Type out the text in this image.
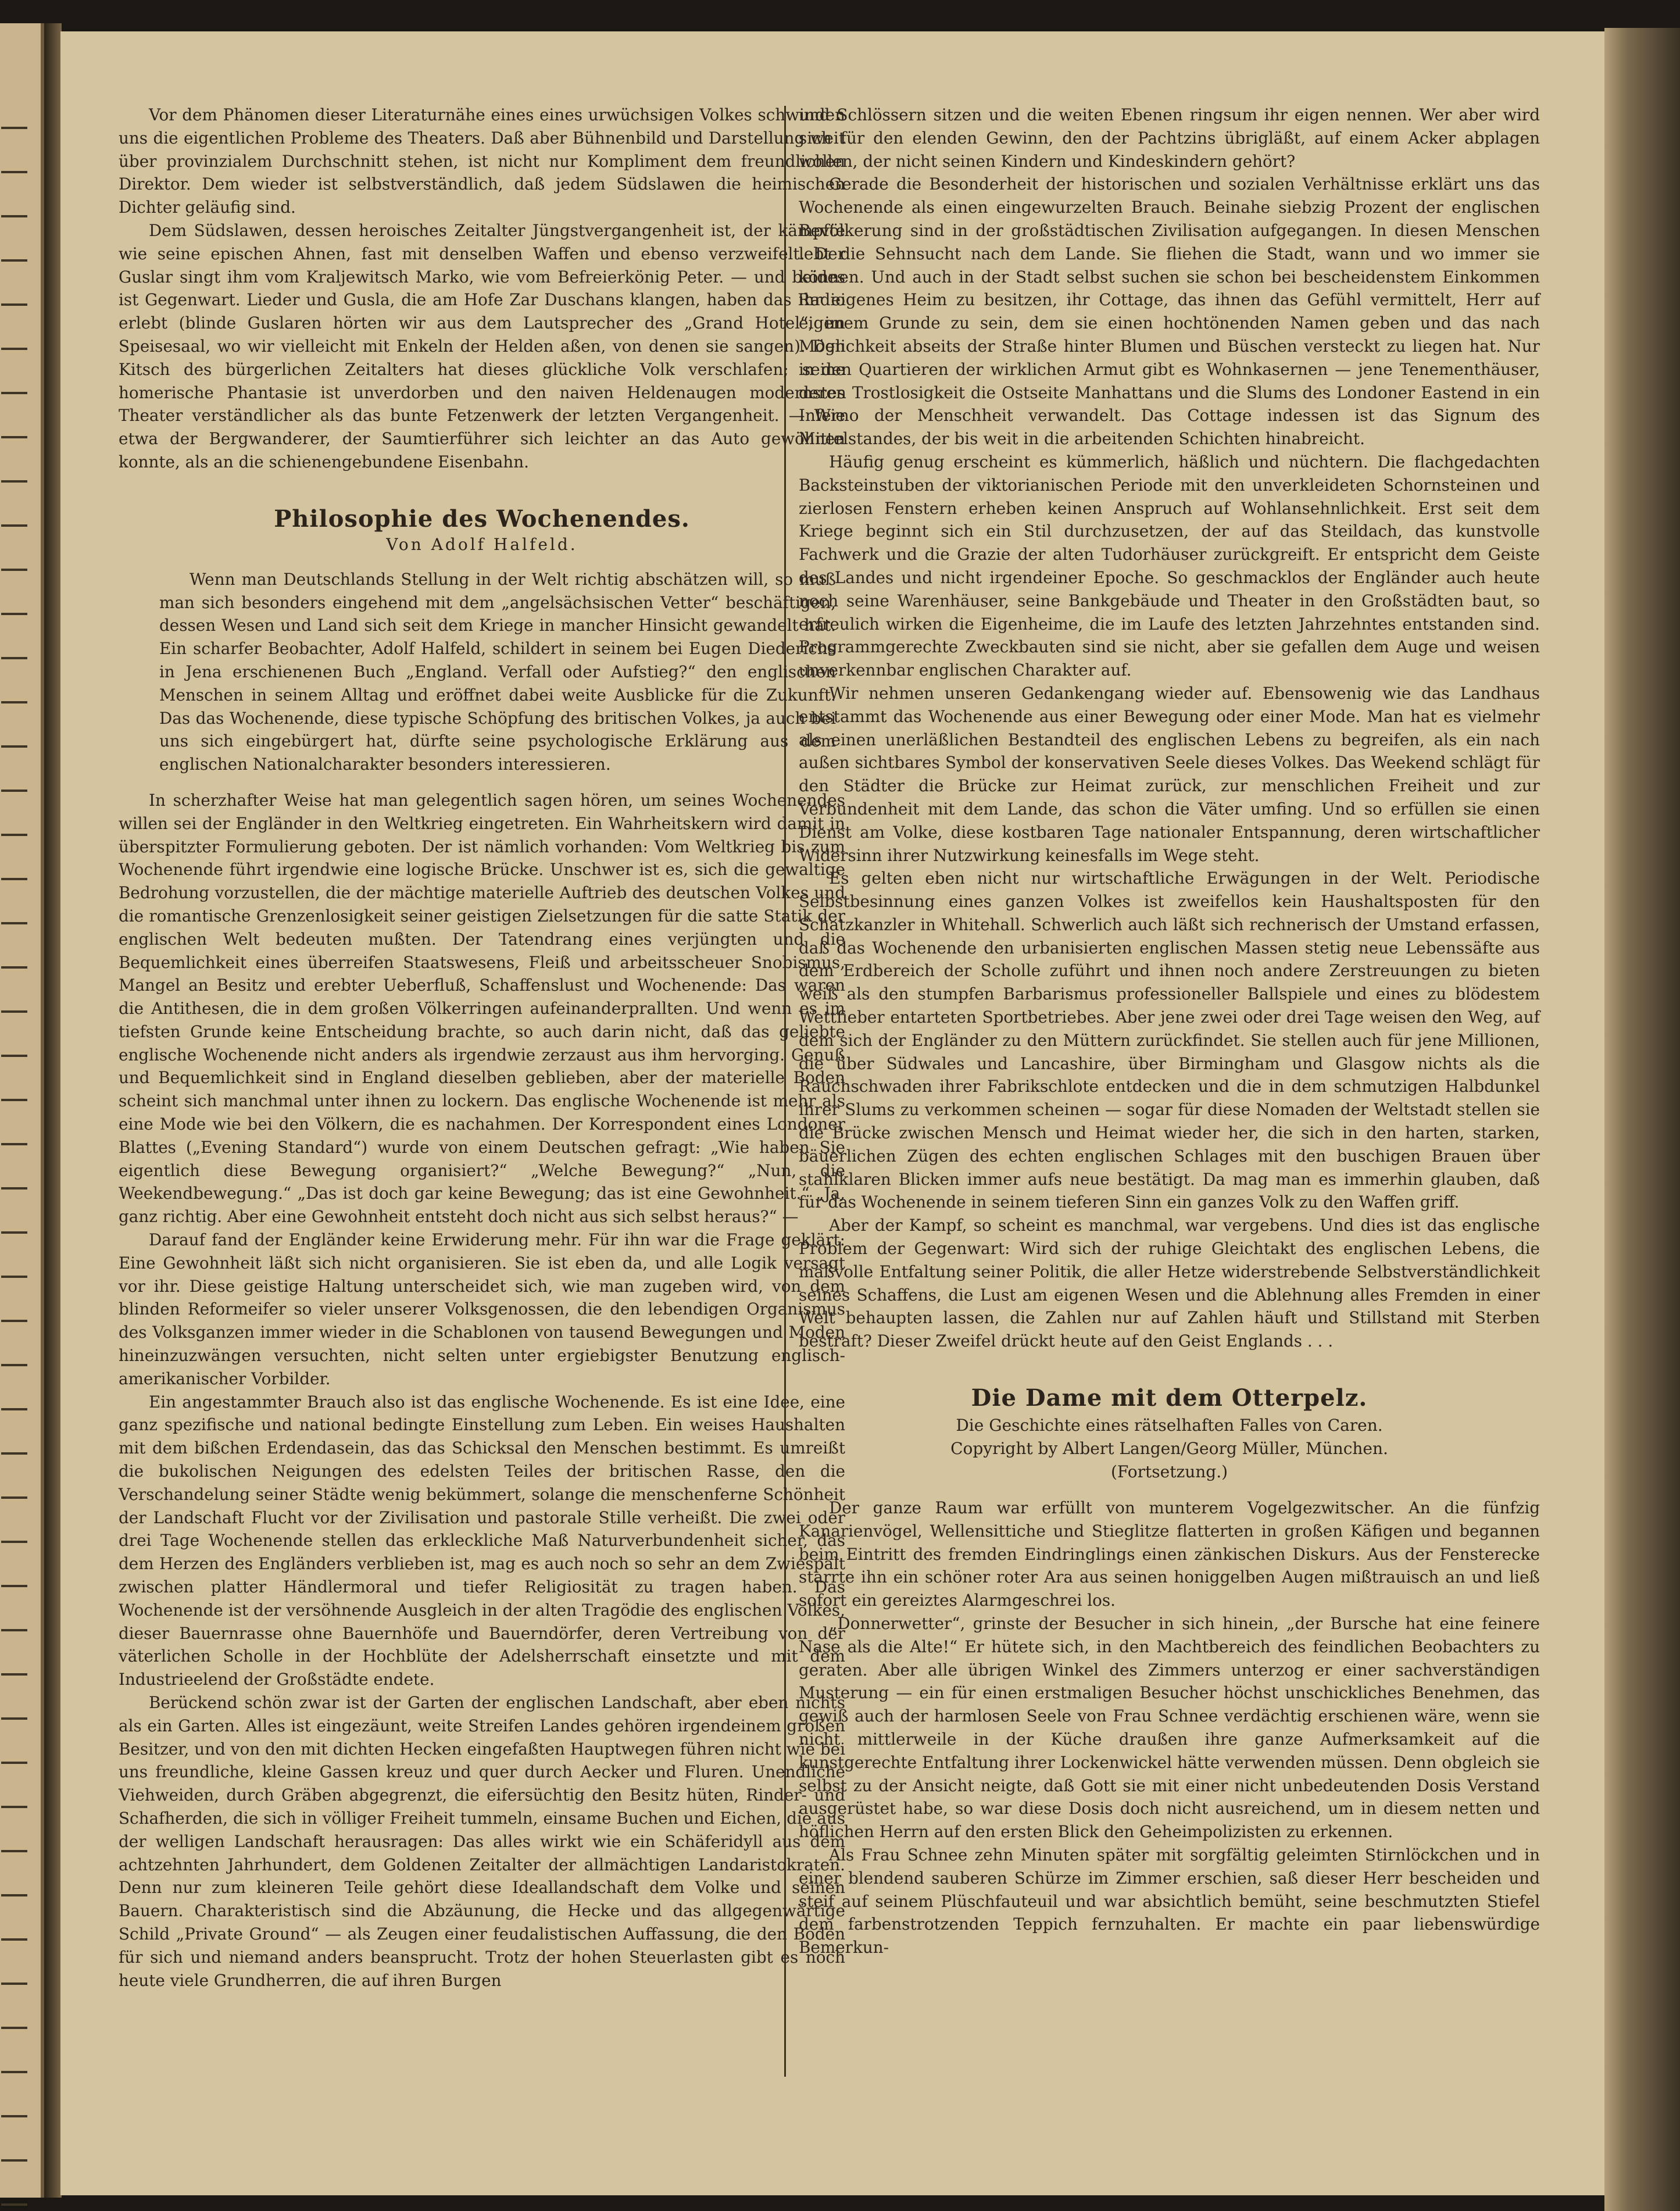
Vor dem Phänomen dieser Literaturnähe eines eines urwüchsigen Volkes schwinden uns die eigentlichen Probleme des Theaters. Daß aber Bühnenbild und Darstellung weit über provinzialem Durchschnitt stehen, ist nicht nur Kompliment dem freundlichen Direktor. Dem wieder ist selbstverständlich, daß jedem Südslawen die heimischen Dichter geläufig sind.

Dem Südslawen, dessen heroisches Zeitalter Jüngstvergangenheit ist, der kämpfte wie seine epischen Ahnen, fast mit denselben Waffen und ebenso verzweifelt. Der Guslar singt ihm vom Kraljewitsch Marko, wie vom Befreierkönig Peter. — und beides ist Gegenwart. Lieder und Gusla, die am Hofe Zar Duschans klangen, haben das Radio erlebt (blinde Guslaren hörten wir aus dem Lautsprecher des „Grand Hotel“, im Speisesaal, wo wir vielleicht mit Enkeln der Helden aßen, von denen sie sangen). Den Kitsch des bürgerlichen Zeitalters hat dieses glückliche Volk verschlafen; seine homerische Phantasie ist unverdorben und den naiven Heldenaugen modernstes Theater verständlicher als das bunte Fetzenwerk der letzten Vergangenheit. — Wie etwa der Bergwanderer, der Saumtierführer sich leichter an das Auto gewöhnen konnte, als an die schienengebundene Eisenbahn.

Philosophie des Wochenendes.
Von Adolf Halfeld.

Wenn man Deutschlands Stellung in der Welt richtig abschätzen will, so muß man sich besonders eingehend mit dem „angelsächsischen Vetter“ beschäftigen, dessen Wesen und Land sich seit dem Kriege in mancher Hinsicht gewandelt hat. Ein scharfer Beobachter, Adolf Halfeld, schildert in seinem bei Eugen Diederichs in Jena erschienenen Buch „England. Verfall oder Aufstieg?“ den englischen Menschen in seinem Alltag und eröffnet dabei weite Ausblicke für die Zukunft. Das das Wochenende, diese typische Schöpfung des britischen Volkes, ja auch bei uns sich eingebürgert hat, dürfte seine psychologische Erklärung aus dem englischen Nationalcharakter besonders interessieren.

In scherzhafter Weise hat man gelegentlich sagen hören, um seines Wochenendes willen sei der Engländer in den Weltkrieg eingetreten. Ein Wahrheitskern wird damit in überspitzter Formulierung geboten. Der ist nämlich vorhanden: Vom Weltkrieg bis zum Wochenende führt irgendwie eine logische Brücke. Unschwer ist es, sich die gewaltige Bedrohung vorzustellen, die der mächtige materielle Auftrieb des deutschen Volkes und die romantische Grenzenlosigkeit seiner geistigen Zielsetzungen für die satte Statik der englischen Welt bedeuten mußten. Der Tatendrang eines verjüngten und die Bequemlichkeit eines überreifen Staatswesens, Fleiß und arbeitsscheuer Snobismus, Mangel an Besitz und erebter Ueberfluß, Schaffenslust und Wochenende: Das waren die Antithesen, die in dem großen Völkerringen aufeinanderprallten. Und wenn es im tiefsten Grunde keine Entscheidung brachte, so auch darin nicht, daß das geliebte englische Wochenende nicht anders als irgendwie zerzaust aus ihm hervorging. Genuß und Bequemlichkeit sind in England dieselben geblieben, aber der materielle Boden scheint sich manchmal unter ihnen zu lockern. Das englische Wochenende ist mehr als eine Mode wie bei den Völkern, die es nachahmen. Der Korrespondent eines Londoner Blattes („Evening Standard“) wurde von einem Deutschen gefragt: „Wie haben Sie eigentlich diese Bewegung organisiert?“ „Welche Bewegung?“ „Nun, die Weekendbewegung.“ „Das ist doch gar keine Bewegung; das ist eine Gewohnheit.“ „Ja, ganz richtig. Aber eine Gewohnheit entsteht doch nicht aus sich selbst heraus?“ —

Darauf fand der Engländer keine Erwiderung mehr. Für ihn war die Frage geklärt: Eine Gewohnheit läßt sich nicht organisieren. Sie ist eben da, und alle Logik versagt vor ihr. Diese geistige Haltung unterscheidet sich, wie man zugeben wird, von dem blinden Reformeifer so vieler unserer Volksgenossen, die den lebendigen Organismus des Volksganzen immer wieder in die Schablonen von tausend Bewegungen und Moden hineinzuzwängen versuchten, nicht selten unter ergiebigster Benutzung englisch-amerikanischer Vorbilder.

Ein angestammter Brauch also ist das englische Wochenende. Es ist eine Idee, eine ganz spezifische und national bedingte Einstellung zum Leben. Ein weises Haushalten mit dem bißchen Erdendasein, das das Schicksal den Menschen bestimmt. Es umreißt die bukolischen Neigungen des edelsten Teiles der britischen Rasse, den die Verschandelung seiner Städte wenig bekümmert, solange die menschenferne Schönheit der Landschaft Flucht vor der Zivilisation und pastorale Stille verheißt. Die zwei oder drei Tage Wochenende stellen das erkleckliche Maß Naturverbundenheit sicher, das dem Herzen des Engländers verblieben ist, mag es auch noch so sehr an dem Zwiespalt zwischen platter Händlermoral und tiefer Religiosität zu tragen haben. Das Wochenende ist der versöhnende Ausgleich in der alten Tragödie des englischen Volkes, dieser Bauernrasse ohne Bauernhöfe und Bauerndörfer, deren Vertreibung von der väterlichen Scholle in der Hochblüte der Adelsherrschaft einsetzte und mit dem Industrieelend der Großstädte endete.

Berückend schön zwar ist der Garten der englischen Landschaft, aber eben nichts als ein Garten. Alles ist eingezäunt, weite Streifen Landes gehören irgendeinem großen Besitzer, und von den mit dichten Hecken eingefaßten Hauptwegen führen nicht wie bei uns freundliche, kleine Gassen kreuz und quer durch Aecker und Fluren. Unendliche Viehweiden, durch Gräben abgegrenzt, die eifersüchtig den Besitz hüten, Rinder- und Schafherden, die sich in völliger Freiheit tummeln, einsame Buchen und Eichen, die aus der welligen Landschaft herausragen: Das alles wirkt wie ein Schäferidyll aus dem achtzehnten Jahrhundert, dem Goldenen Zeitalter der allmächtigen Landaristokraten. Denn nur zum kleineren Teile gehört diese Ideallandschaft dem Volke und seinen Bauern. Charakteristisch sind die Abzäunung, die Hecke und das allgegenwärtige Schild „Private Ground“ — als Zeugen einer feudalistischen Auffassung, die den Boden für sich und niemand anders beansprucht. Trotz der hohen Steuerlasten gibt es noch heute viele Grundherren, die auf ihren Burgen

und Schlössern sitzen und die weiten Ebenen ringsum ihr eigen nennen. Wer aber wird sich für den elenden Gewinn, den der Pachtzins übrigläßt, auf einem Acker abplagen wollen, der nicht seinen Kindern und Kindeskindern gehört?

Gerade die Besonderheit der historischen und sozialen Verhältnisse erklärt uns das Wochenende als einen eingewurzelten Brauch. Beinahe siebzig Prozent der englischen Bevölkerung sind in der großstädtischen Zivilisation aufgegangen. In diesen Menschen lebt die Sehnsucht nach dem Lande. Sie fliehen die Stadt, wann und wo immer sie können. Und auch in der Stadt selbst suchen sie schon bei bescheidenstem Einkommen ihr eigenes Heim zu besitzen, ihr Cottage, das ihnen das Gefühl vermittelt, Herr auf eigenem Grunde zu sein, dem sie einen hochtönenden Namen geben und das nach Möglichkeit abseits der Straße hinter Blumen und Büschen versteckt zu liegen hat. Nur in den Quartieren der wirklichen Armut gibt es Wohnkasernen — jene Tenementhäuser, deren Trostlosigkeit die Ostseite Manhattans und die Slums des Londoner Eastend in ein Inferno der Menschheit verwandelt. Das Cottage indessen ist das Signum des Mittelstandes, der bis weit in die arbeitenden Schichten hinabreicht.

Häufig genug erscheint es kümmerlich, häßlich und nüchtern. Die flachgedachten Backsteinstuben der viktorianischen Periode mit den unverkleideten Schornsteinen und zierlosen Fenstern erheben keinen Anspruch auf Wohlansehnlichkeit. Erst seit dem Kriege beginnt sich ein Stil durchzusetzen, der auf das Steildach, das kunstvolle Fachwerk und die Grazie der alten Tudorhäuser zurückgreift. Er entspricht dem Geiste des Landes und nicht irgendeiner Epoche. So geschmacklos der Engländer auch heute noch seine Warenhäuser, seine Bankgebäude und Theater in den Großstädten baut, so erfreulich wirken die Eigenheime, die im Laufe des letzten Jahrzehntes entstanden sind. Programmgerechte Zweckbauten sind sie nicht, aber sie gefallen dem Auge und weisen unverkennbar englischen Charakter auf.

Wir nehmen unseren Gedankengang wieder auf. Ebensowenig wie das Landhaus entstammt das Wochenende aus einer Bewegung oder einer Mode. Man hat es vielmehr als einen unerläßlichen Bestandteil des englischen Lebens zu begreifen, als ein nach außen sichtbares Symbol der konservativen Seele dieses Volkes. Das Weekend schlägt für den Städter die Brücke zur Heimat zurück, zur menschlichen Freiheit und zur Verbundenheit mit dem Lande, das schon die Väter umfing. Und so erfüllen sie einen Dienst am Volke, diese kostbaren Tage nationaler Entspannung, deren wirtschaftlicher Widersinn ihrer Nutzwirkung keinesfalls im Wege steht.

Es gelten eben nicht nur wirtschaftliche Erwägungen in der Welt. Periodische Selbstbesinnung eines ganzen Volkes ist zweifellos kein Haushaltsposten für den Schatzkanzler in Whitehall. Schwerlich auch läßt sich rechnerisch der Umstand erfassen, daß das Wochenende den urbanisierten englischen Massen stetig neue Lebenssäfte aus dem Erdbereich der Scholle zuführt und ihnen noch andere Zerstreuungen zu bieten weiß als den stumpfen Barbarismus professioneller Ballspiele und eines zu blödestem Wettfieber entarteten Sportbetriebes. Aber jene zwei oder drei Tage weisen den Weg, auf dem sich der Engländer zu den Müttern zurückfindet. Sie stellen auch für jene Millionen, die über Südwales und Lancashire, über Birmingham und Glasgow nichts als die Rauchschwaden ihrer Fabrikschlote entdecken und die in dem schmutzigen Halbdunkel ihrer Slums zu verkommen scheinen — sogar für diese Nomaden der Weltstadt stellen sie die Brücke zwischen Mensch und Heimat wieder her, die sich in den harten, starken, bäuerlichen Zügen des echten englischen Schlages mit den buschigen Brauen über stahlklaren Blicken immer aufs neue bestätigt. Da mag man es immerhin glauben, daß für das Wochenende in seinem tieferen Sinn ein ganzes Volk zu den Waffen griff.

Aber der Kampf, so scheint es manchmal, war vergebens. Und dies ist das englische Problem der Gegenwart: Wird sich der ruhige Gleichtakt des englischen Lebens, die maßvolle Entfaltung seiner Politik, die aller Hetze widerstrebende Selbstverständlichkeit seines Schaffens, die Lust am eigenen Wesen und die Ablehnung alles Fremden in einer Welt behaupten lassen, die Zahlen nur auf Zahlen häuft und Stillstand mit Sterben bestraft? Dieser Zweifel drückt heute auf den Geist Englands . . .

Die Dame mit dem Otterpelz.
Die Geschichte eines rätselhaften Falles von Caren.
Copyright by Albert Langen/Georg Müller, München.
(Fortsetzung.)

Der ganze Raum war erfüllt von munterem Vogelgezwitscher. An die fünfzig Kanarienvögel, Wellensittiche und Stieglitze flatterten in großen Käfigen und begannen beim Eintritt des fremden Eindringlings einen zänkischen Diskurs. Aus der Fensterecke starrte ihn ein schöner roter Ara aus seinen honiggelben Augen mißtrauisch an und ließ sofort ein gereiztes Alarmgeschrei los.

„Donnerwetter“, grinste der Besucher in sich hinein, „der Bursche hat eine feinere Nase als die Alte!“ Er hütete sich, in den Machtbereich des feindlichen Beobachters zu geraten. Aber alle übrigen Winkel des Zimmers unterzog er einer sachverständigen Musterung — ein für einen erstmaligen Besucher höchst unschickliches Benehmen, das gewiß auch der harmlosen Seele von Frau Schnee verdächtig erschienen wäre, wenn sie nicht mittlerweile in der Küche draußen ihre ganze Aufmerksamkeit auf die kunstgerechte Entfaltung ihrer Lockenwickel hätte verwenden müssen. Denn obgleich sie selbst zu der Ansicht neigte, daß Gott sie mit einer nicht unbedeutenden Dosis Verstand ausgerüstet habe, so war diese Dosis doch nicht ausreichend, um in diesem netten und höflichen Herrn auf den ersten Blick den Geheimpolizisten zu erkennen.

Als Frau Schnee zehn Minuten später mit sorgfältig geleimten Stirnlöckchen und in einer blendend sauberen Schürze im Zimmer erschien, saß dieser Herr bescheiden und steif auf seinem Plüschfauteuil und war absichtlich bemüht, seine beschmutzten Stiefel dem farbenstrotzenden Teppich fernzuhalten. Er machte ein paar liebenswürdige Bemerkun-
